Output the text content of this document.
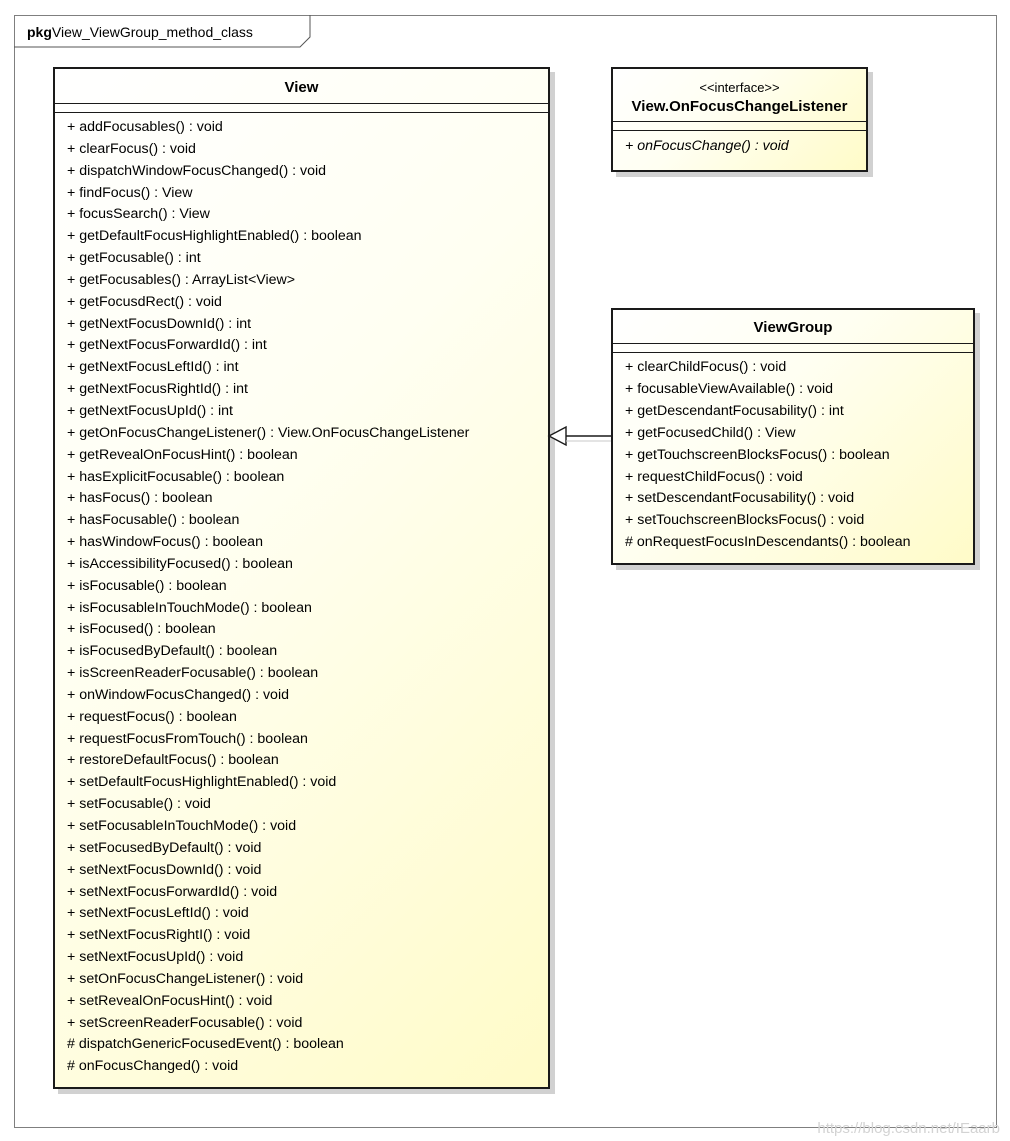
pkgView_ViewGroup_method_class
View
+ addFocusables() : void
+ clearFocus() : void
+ dispatchWindowFocusChanged() : void
+ findFocus() : View
+ focusSearch() : View
+ getDefaultFocusHighlightEnabled() : boolean
+ getFocusable() : int
+ getFocusables() : ArrayList<View>
+ getFocusdRect() : void
+ getNextFocusDownId() : int
+ getNextFocusForwardId() : int
+ getNextFocusLeftId() : int
+ getNextFocusRightId() : int
+ getNextFocusUpId() : int
+ getOnFocusChangeListener() : View.OnFocusChangeListener
+ getRevealOnFocusHint() : boolean
+ hasExplicitFocusable() : boolean
+ hasFocus() : boolean
+ hasFocusable() : boolean
+ hasWindowFocus() : boolean
+ isAccessibilityFocused() : boolean
+ isFocusable() : boolean
+ isFocusableInTouchMode() : boolean
+ isFocused() : boolean
+ isFocusedByDefault() : boolean
+ isScreenReaderFocusable() : boolean
+ onWindowFocusChanged() : void
+ requestFocus() : boolean
+ requestFocusFromTouch() : boolean
+ restoreDefaultFocus() : boolean
+ setDefaultFocusHighlightEnabled() : void
+ setFocusable() : void
+ setFocusableInTouchMode() : void
+ setFocusedByDefault() : void
+ setNextFocusDownId() : void
+ setNextFocusForwardId() : void
+ setNextFocusLeftId() : void
+ setNextFocusRightI() : void
+ setNextFocusUpId() : void
+ setOnFocusChangeListener() : void
+ setRevealOnFocusHint() : void
+ setScreenReaderFocusable() : void
# dispatchGenericFocusedEvent() : boolean
# onFocusChanged() : void
<<interface>>
View.OnFocusChangeListener
+ onFocusChange() : void
ViewGroup
+ clearChildFocus() : void
+ focusableViewAvailable() : void
+ getDescendantFocusability() : int
+ getFocusedChild() : View
+ getTouchscreenBlocksFocus() : boolean
+ requestChildFocus() : void
+ setDescendantFocusability() : void
+ setTouchscreenBlocksFocus() : void
# onRequestFocusInDescendants() : boolean
https://blog.csdn.net/IEaarb
